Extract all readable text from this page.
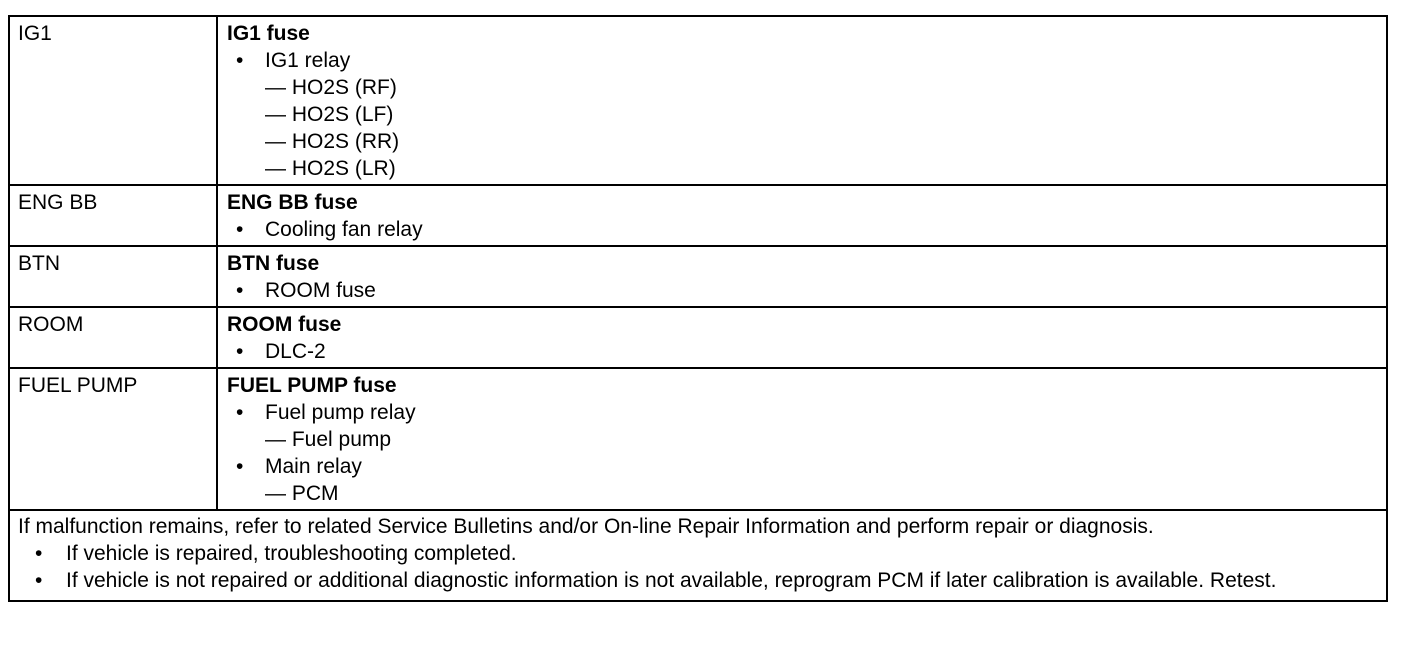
IG1	IG1 fuse
• IG1 relay
— HO2S (RF)
— HO2S (LF)
— HO2S (RR)
— HO2S (LR)
ENG BB	ENG BB fuse
• Cooling fan relay
BTN	BTN fuse
• ROOM fuse
ROOM	ROOM fuse
• DLC-2
FUEL PUMP	FUEL PUMP fuse
• Fuel pump relay
— Fuel pump
• Main relay
— PCM
If malfunction remains, refer to related Service Bulletins and/or On-line Repair Information and perform repair or diagnosis.
• If vehicle is repaired, troubleshooting completed.
• If vehicle is not repaired or additional diagnostic information is not available, reprogram PCM if later calibration is available. Retest.
